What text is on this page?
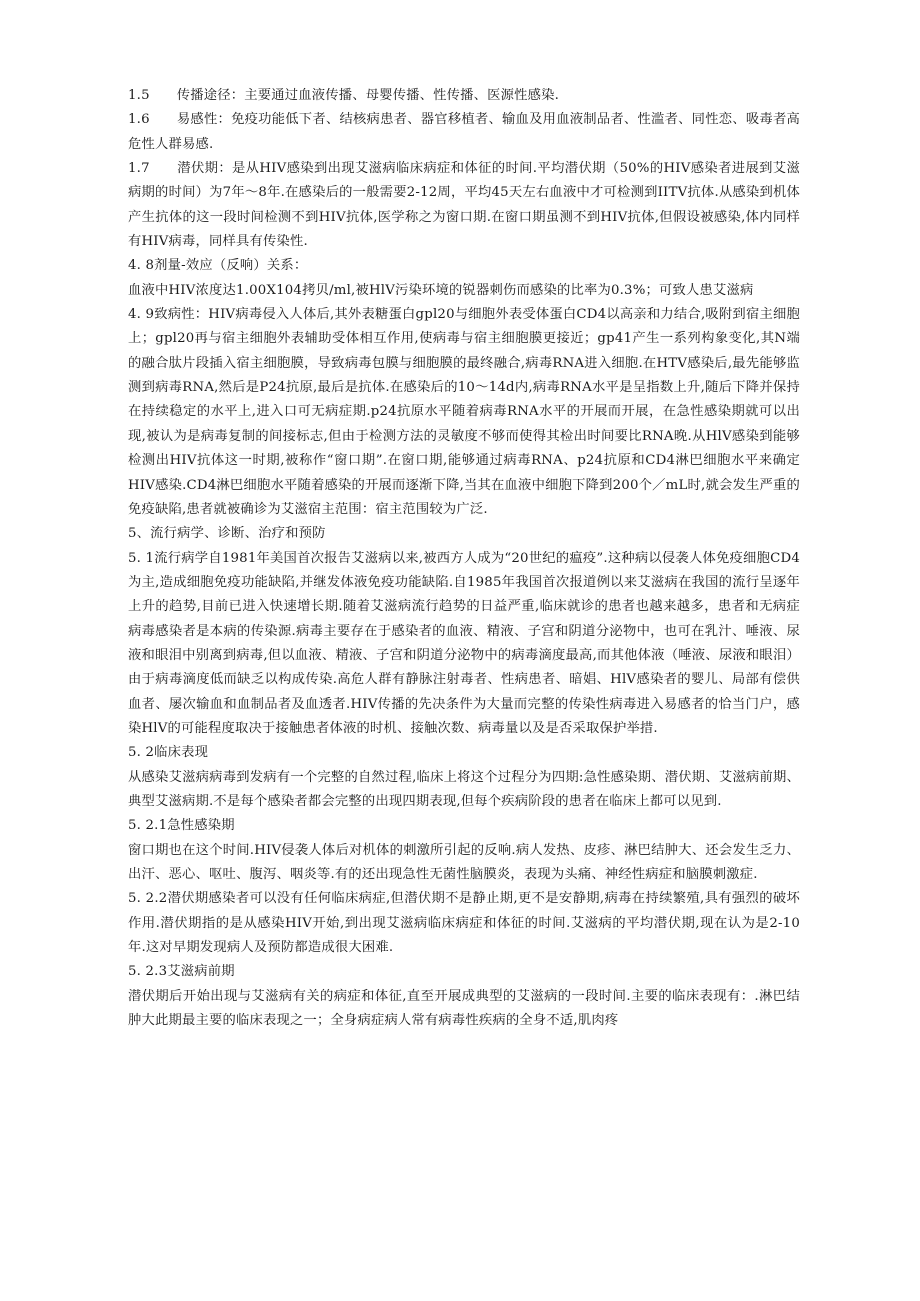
1.5　　传播途径：主要通过血液传播、母婴传播、性传播、医源性感染.

1.6　　易感性：免疫功能低下者、结核病患者、器官移植者、输血及用血液制品者、性滥者、同性恋、吸毒者高危性人群易感.

1.7　　潜伏期：是从HIV感染到出现艾滋病临床病症和体征的时间.平均潜伏期（50%的HIV感染者进展到艾滋病期的时间）为7年～8年.在感染后的一般需要2-12周，平均45天左右血液中才可检测到IITV抗体.从感染到机体产生抗体的这一段时间检测不到HIV抗体,医学称之为窗口期.在窗口期虽测不到HIV抗体,但假设被感染,体内同样有HIV病毒，同样具有传染性.

4. 8剂量-效应（反响）关系：

血液中HIV浓度达1.00X104拷贝/ml,被HlV污染环境的锐器刺伤而感染的比率为0.3%；可致人患艾滋病

4. 9致病性：HIV病毒侵入人体后,其外表糖蛋白gpl20与细胞外表受体蛋白CD4以高亲和力结合,吸附到宿主细胞上；gpl20再与宿主细胞外表辅助受体相互作用,使病毒与宿主细胞膜更接近；gp41产生一系列构象变化,其N端的融合肽片段插入宿主细胞膜，导致病毒包膜与细胞膜的最终融合,病毒RNA进入细胞.在HTV感染后,最先能够监测到病毒RNA,然后是P24抗原,最后是抗体.在感染后的10～14d内,病毒RNA水平是呈指数上升,随后下降并保持在持续稳定的水平上,进入口可无病症期.p24抗原水平随着病毒RNA水平的开展而开展，在急性感染期就可以出现,被认为是病毒复制的间接标志,但由于检测方法的灵敏度不够而使得其检出时间要比RNA晚.从HlV感染到能够检测出HIV抗体这一时期,被称作“窗口期”.在窗口期,能够通过病毒RNA、p24抗原和CD4淋巴细胞水平来确定HIV感染.CD4淋巴细胞水平随着感染的开展而逐渐下降,当其在血液中细胞下降到200个／mL时,就会发生严重的免疫缺陷,患者就被确诊为艾滋宿主范围：宿主范围较为广泛.

5、流行病学、诊断、治疗和预防

5. 1流行病学自1981年美国首次报告艾滋病以来,被西方人成为“20世纪的瘟疫”.这种病以侵袭人体免疫细胞CD4为主,造成细胞免疫功能缺陷,并继发体液免疫功能缺陷.自1985年我国首次报道例以来艾滋病在我国的流行呈逐年上升的趋势,目前已进入快速增长期.随着艾滋病流行趋势的日益严重,临床就诊的患者也越来越多，患者和无病症病毒感染者是本病的传染源.病毒主要存在于感染者的血液、精液、子宫和阴道分泌物中，也可在乳汁、唾液、尿液和眼泪中别离到病毒,但以血液、精液、子宫和阴道分泌物中的病毒滴度最高,而其他体液（唾液、尿液和眼泪）由于病毒滴度低而缺乏以构成传染.高危人群有静脉注射毒者、性病患者、暗娼、HlV感染者的婴儿、局部有偿供血者、屡次输血和血制品者及血透者.HIV传播的先决条件为大量而完整的传染性病毒进入易感者的恰当门户，感染HlV的可能程度取决于接触患者体液的时机、接触次数、病毒量以及是否采取保护举措.

5. 2临床表现

从感染艾滋病病毒到发病有一个完整的自然过程,临床上将这个过程分为四期:急性感染期、潜伏期、艾滋病前期、典型艾滋病期.不是每个感染者都会完整的出现四期表现,但每个疾病阶段的患者在临床上都可以见到.

5. 2.1急性感染期

窗口期也在这个时间.HIV侵袭人体后对机体的刺激所引起的反响.病人发热、皮疹、淋巴结肿大、还会发生乏力、出汗、恶心、呕吐、腹泻、咽炎等.有的还出现急性无菌性脑膜炎，表现为头痛、神经性病症和脑膜刺激症.

5. 2.2潜伏期感染者可以没有任何临床病症,但潜伏期不是静止期,更不是安静期,病毒在持续繁殖,具有强烈的破坏作用.潜伏期指的是从感染HIV开始,到出现艾滋病临床病症和体征的时间.艾滋病的平均潜伏期,现在认为是2-10年.这对早期发现病人及预防都造成很大困难.

5. 2.3艾滋病前期

潜伏期后开始出现与艾滋病有关的病症和体征,直至开展成典型的艾滋病的一段时间.主要的临床表现有：.淋巴结肿大此期最主要的临床表现之一；全身病症病人常有病毒性疾病的全身不适,肌肉疼
